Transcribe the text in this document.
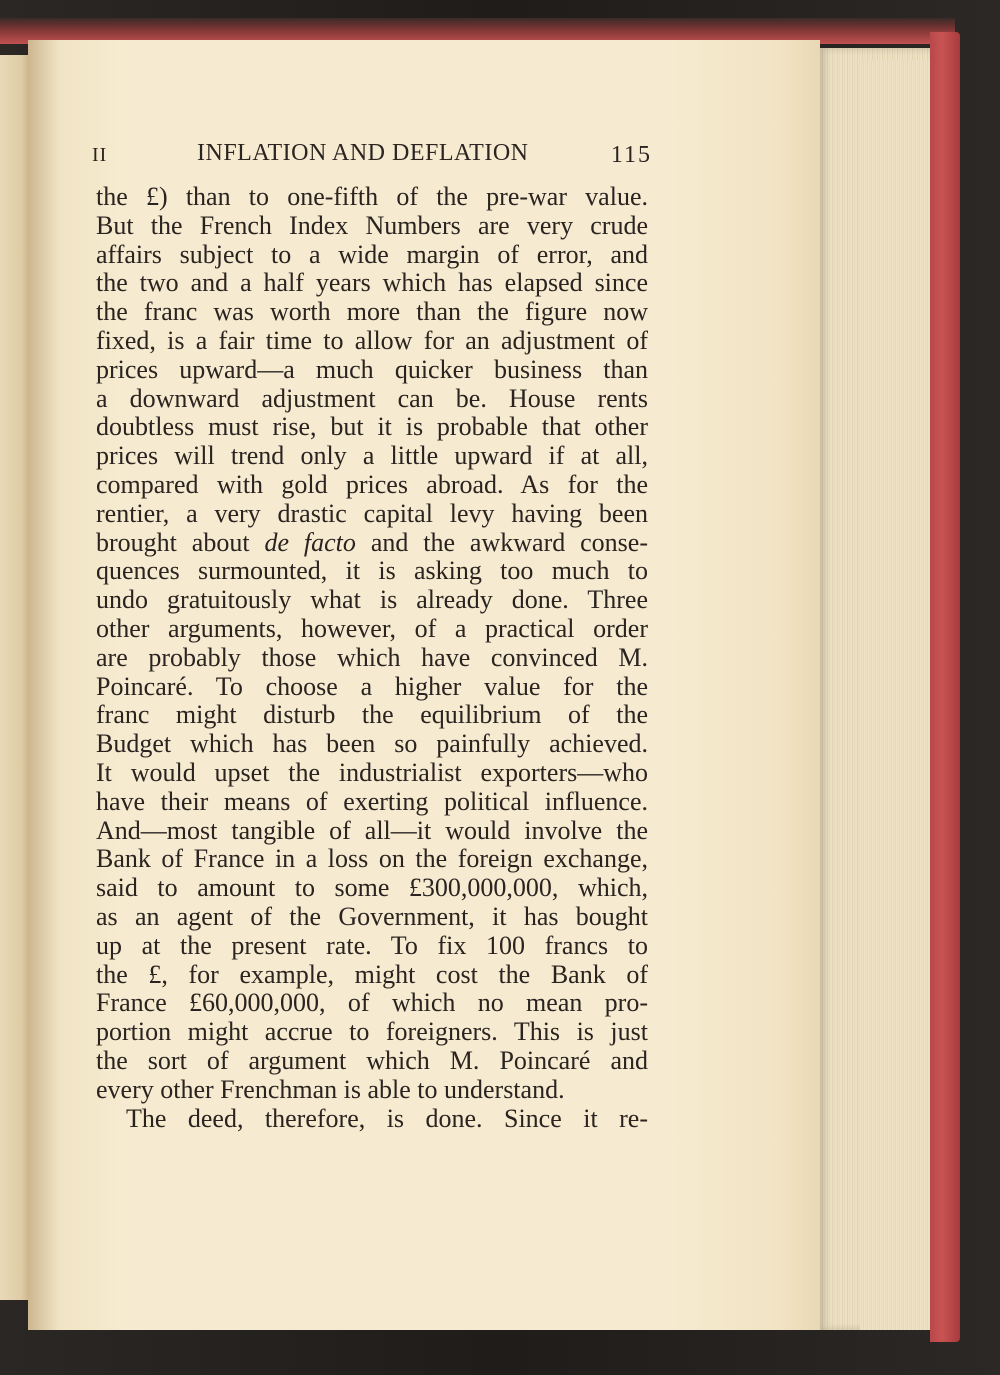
II	INFLATION AND DEFLATION	115
the £) than to one-fifth of the pre-war value.
But the French Index Numbers are very crude
affairs subject to a wide margin of error, and
the two and a half years which has elapsed since
the franc was worth more than the figure now
fixed, is a fair time to allow for an adjustment of
prices upward—a much quicker business than
a downward adjustment can be. House rents
doubtless must rise, but it is probable that other
prices will trend only a little upward if at all,
compared with gold prices abroad. As for the
rentier, a very drastic capital levy having been
brought about de facto and the awkward conse-
quences surmounted, it is asking too much to
undo gratuitously what is already done. Three
other arguments, however, of a practical order
are probably those which have convinced M.
Poincaré. To choose a higher value for the
franc might disturb the equilibrium of the
Budget which has been so painfully achieved.
It would upset the industrialist exporters—who
have their means of exerting political influence.
And—most tangible of all—it would involve the
Bank of France in a loss on the foreign exchange,
said to amount to some £300,000,000, which,
as an agent of the Government, it has bought
up at the present rate. To fix 100 francs to
the £, for example, might cost the Bank of
France £60,000,000, of which no mean pro-
portion might accrue to foreigners. This is just
the sort of argument which M. Poincaré and
every other Frenchman is able to understand.
The deed, therefore, is done. Since it re-
